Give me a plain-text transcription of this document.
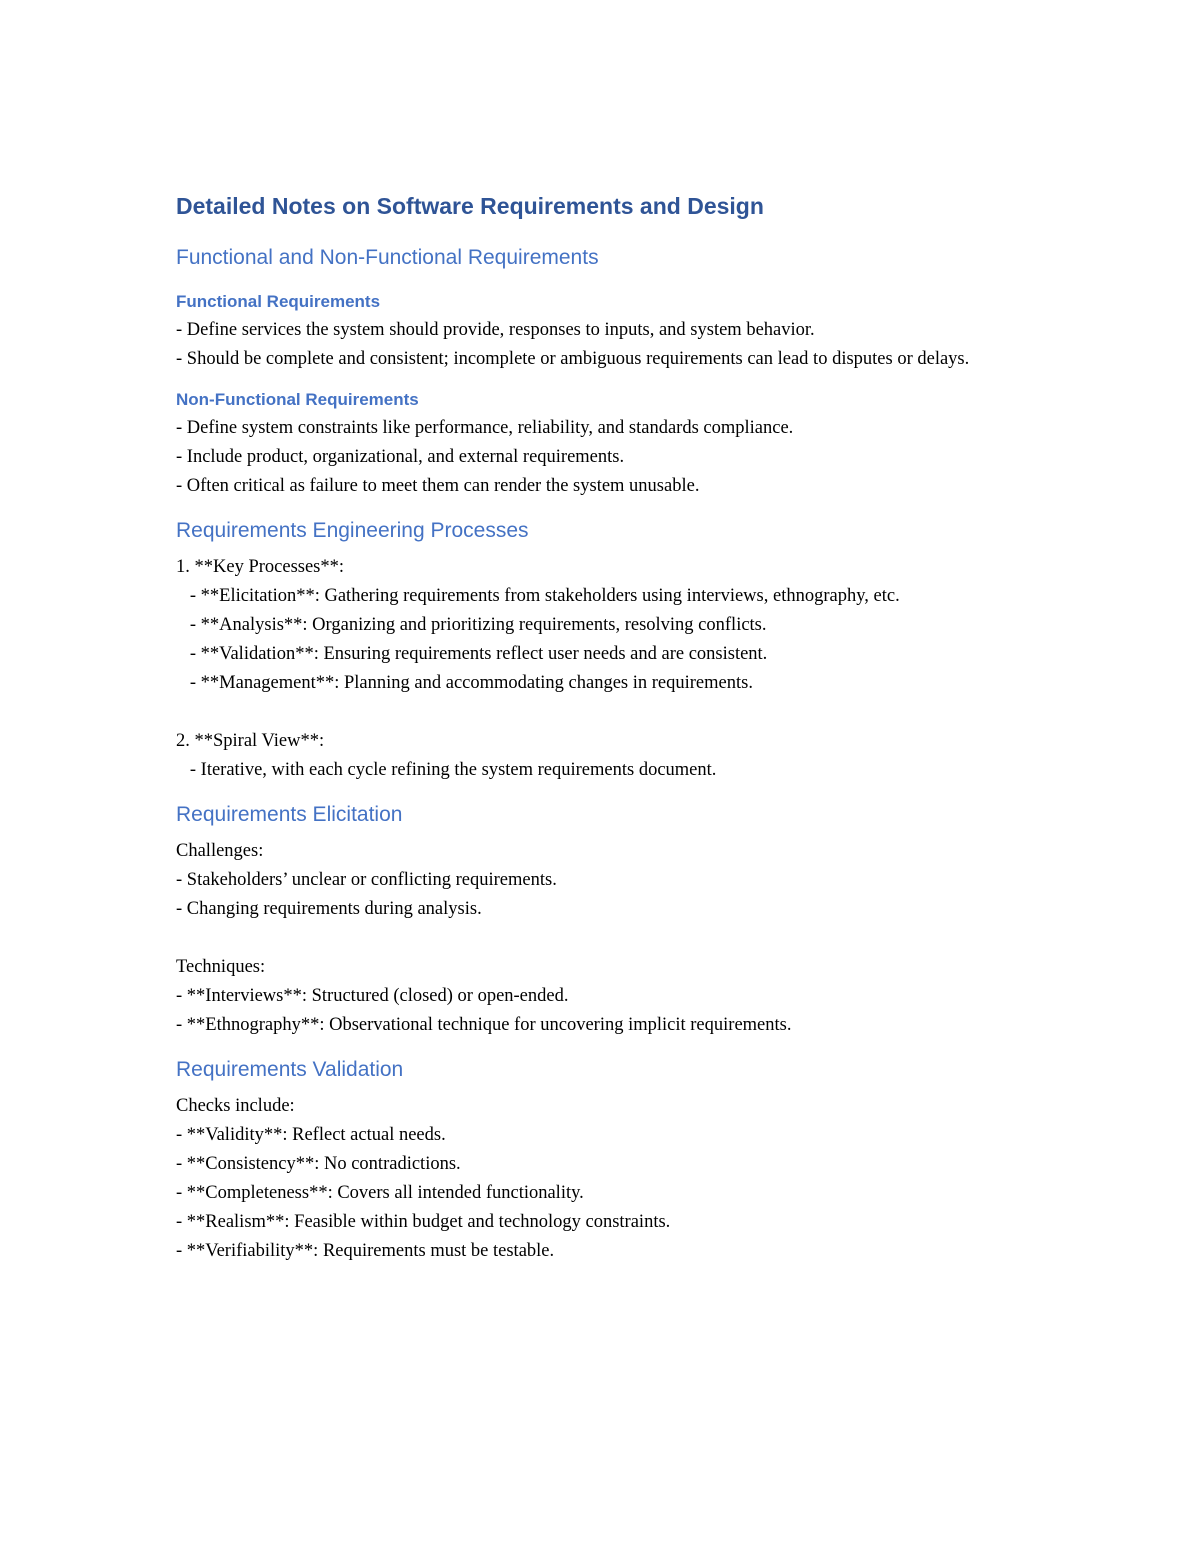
Detailed Notes on Software Requirements and Design
Functional and Non-Functional Requirements
Functional Requirements

- Define services the system should provide, responses to inputs, and system behavior.

- Should be complete and consistent; incomplete or ambiguous requirements can lead to disputes or delays.

Non-Functional Requirements

- Define system constraints like performance, reliability, and standards compliance.

- Include product, organizational, and external requirements.

- Often critical as failure to meet them can render the system unusable.

Requirements Engineering Processes

1. **Key Processes**:

- **Elicitation**: Gathering requirements from stakeholders using interviews, ethnography, etc.

- **Analysis**: Organizing and prioritizing requirements, resolving conflicts.

- **Validation**: Ensuring requirements reflect user needs and are consistent.

- **Management**: Planning and accommodating changes in requirements.

2. **Spiral View**:

- Iterative, with each cycle refining the system requirements document.

Requirements Elicitation

Challenges:

- Stakeholders’ unclear or conflicting requirements.

- Changing requirements during analysis.

Techniques:

- **Interviews**: Structured (closed) or open-ended.

- **Ethnography**: Observational technique for uncovering implicit requirements.

Requirements Validation

Checks include:

- **Validity**: Reflect actual needs.

- **Consistency**: No contradictions.

- **Completeness**: Covers all intended functionality.

- **Realism**: Feasible within budget and technology constraints.

- **Verifiability**: Requirements must be testable.
